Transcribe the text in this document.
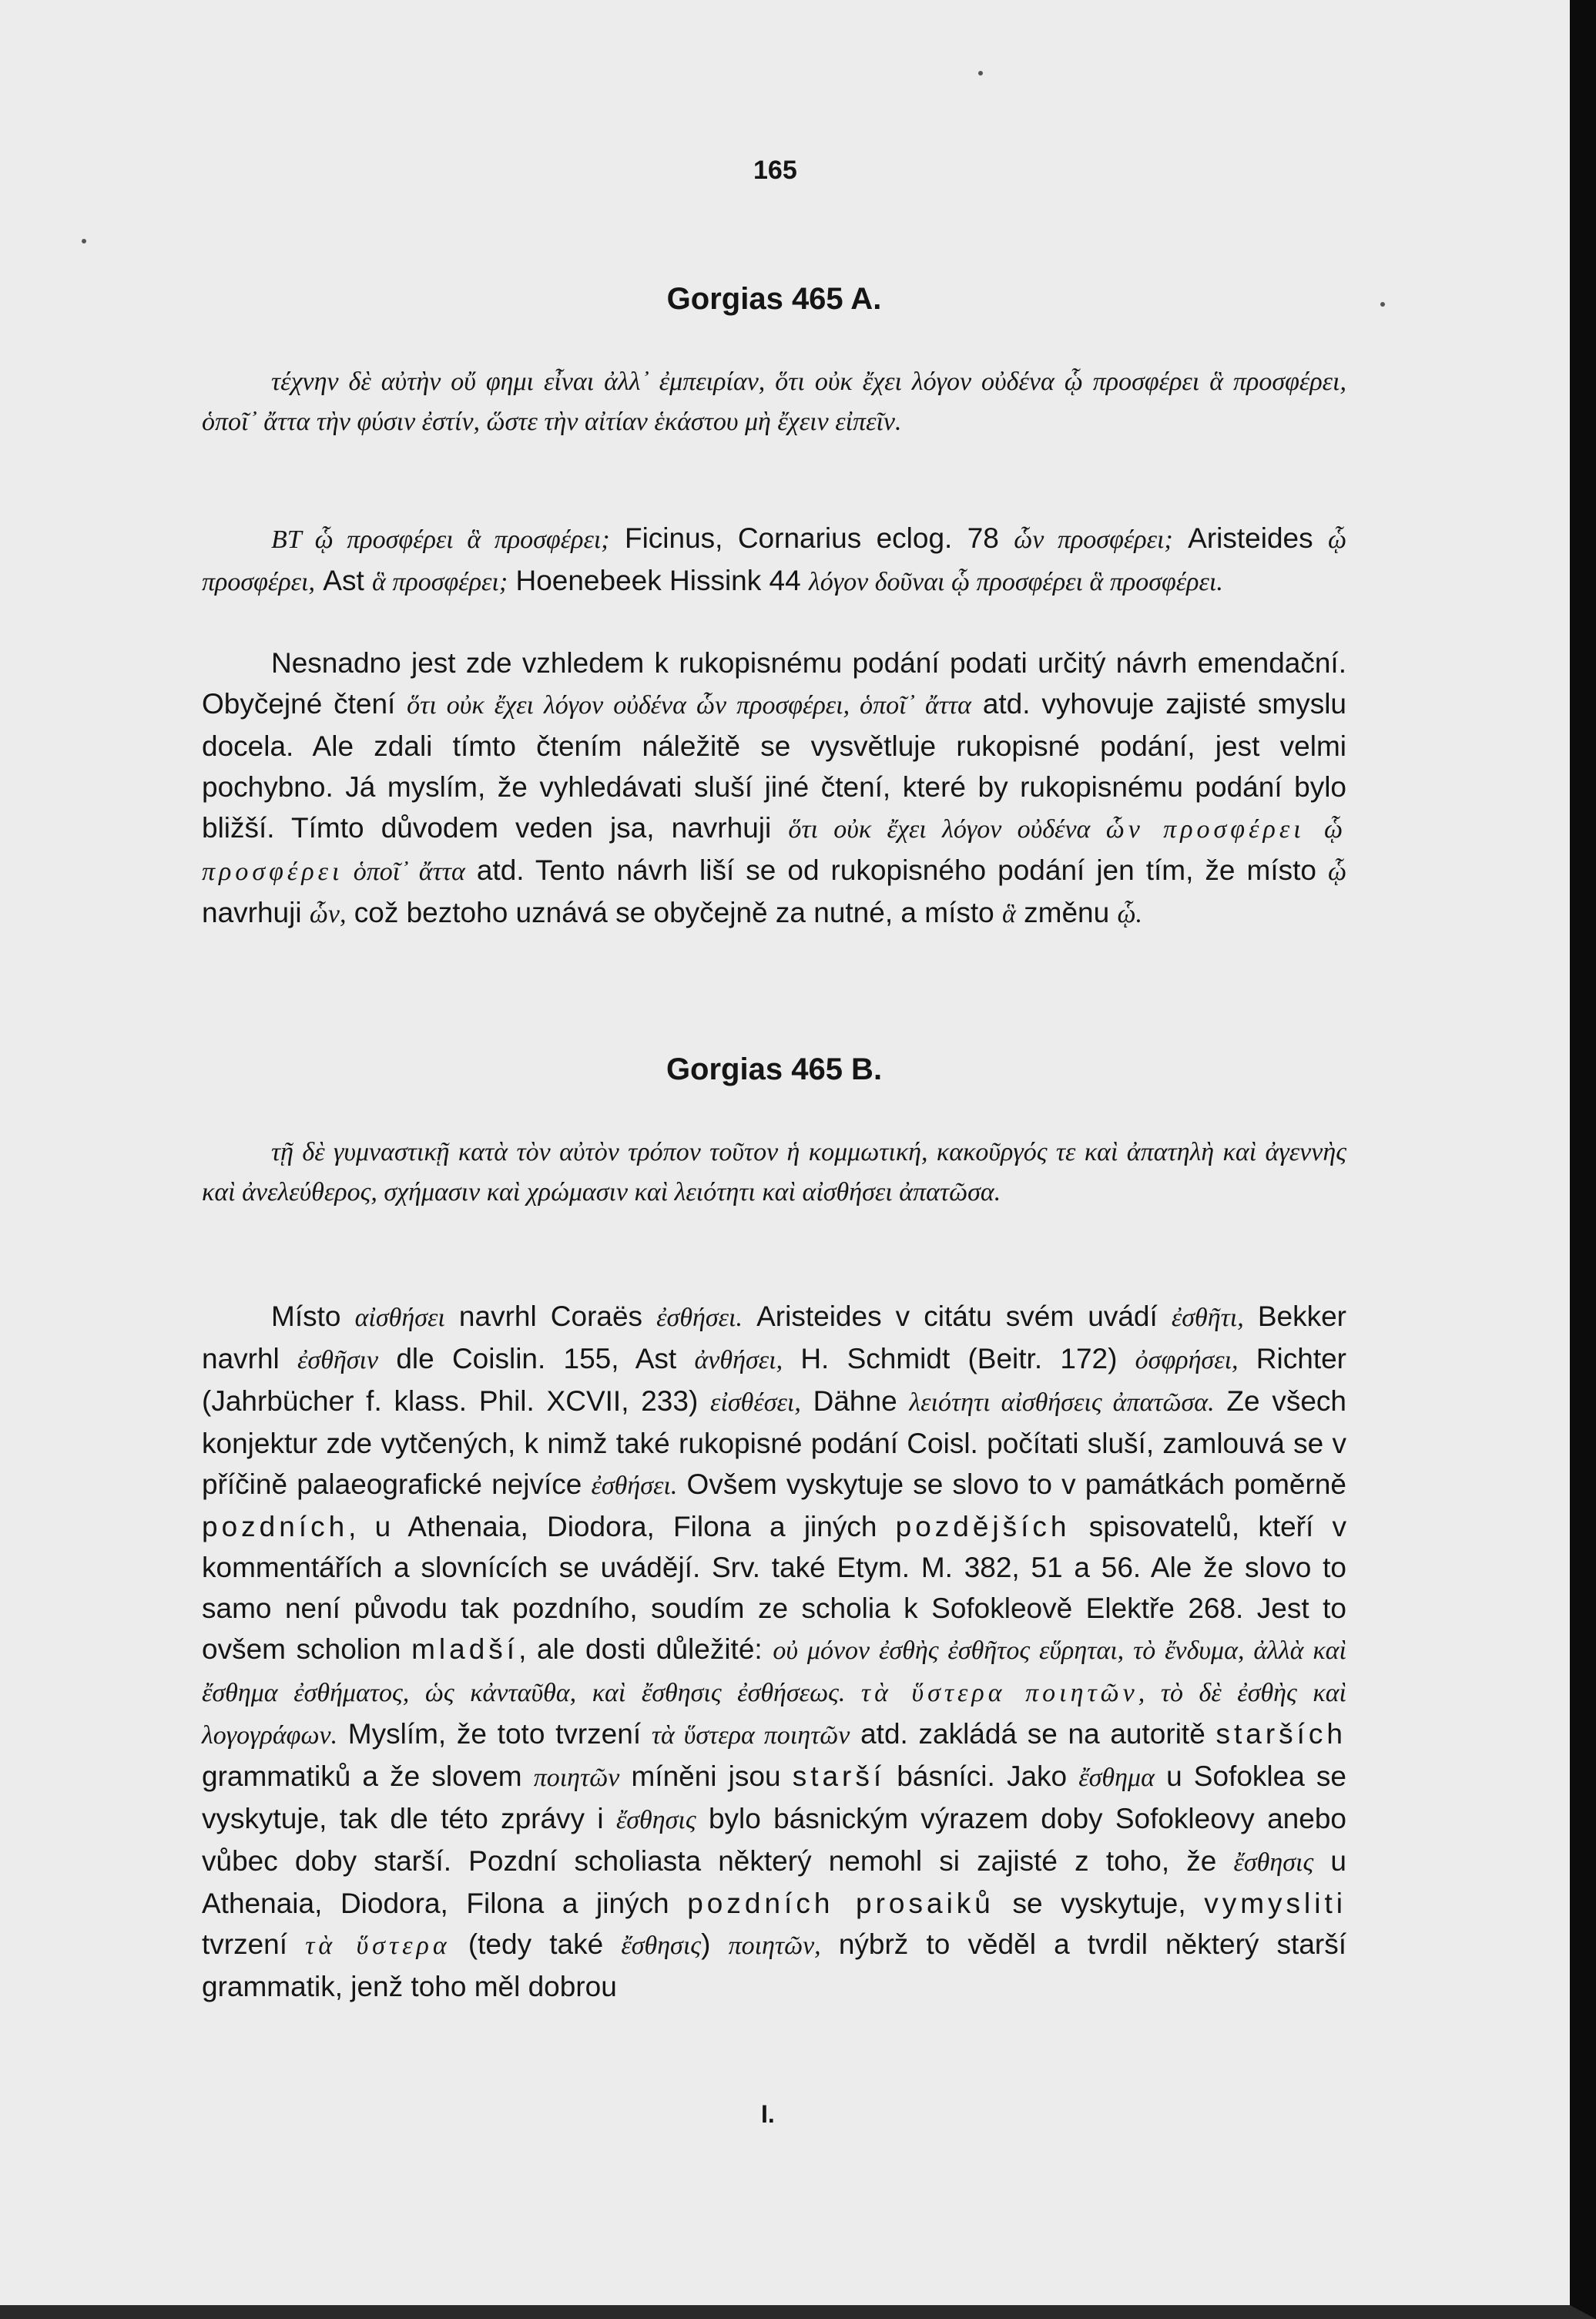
165
Gorgias 465 A.

τέχνην δὲ αὐτὴν οὔ φημι εἶναι ἀλλ᾽ ἐμπειρίαν, ὅτι οὐκ ἔχει λόγον οὐδένα ᾧ προσφέρει ἃ προσφέρει, ὁποῖ᾽ ἄττα τὴν φύσιν ἐστίν, ὥστε τὴν αἰτίαν ἑκάστου μὴ ἔχειν εἰπεῖν.

BT ᾧ προσφέρει ἃ προσφέρει; Ficinus, Cornarius eclog. 78 ὧν προσφέρει; Aristeides ᾧ προσφέρει, Ast ἃ προσφέρει; Hoenebeek Hissink 44 λόγον δοῦναι ᾧ προσφέρει ἃ προσφέρει.

Nesnadno jest zde vzhledem k rukopisnému podání podati určitý návrh emendační. Obyčejné čtení ὅτι οὐκ ἔχει λόγον οὐδένα ὧν προσφέρει, ὁποῖ᾽ ἄττα atd. vyhovuje zajisté smyslu docela. Ale zdali tímto čtením náležitě se vysvětluje rukopisné podání, jest velmi pochybno. Já myslím, že vyhledávati sluší jiné čtení, které by rukopisnému podání bylo bližší. Tímto důvodem veden jsa, navrhuji ὅτι οὐκ ἔχει λόγον οὐδένα ὧν προσφέρει ᾧ προσφέρει ὁποῖ᾽ ἄττα atd. Tento návrh liší se od rukopisného podání jen tím, že místo ᾧ navrhuji ὧν, což beztoho uznává se obyčejně za nutné, a místo ἃ změnu ᾧ.

Gorgias 465 B.

τῇ δὲ γυμναστικῇ κατὰ τὸν αὐτὸν τρόπον τοῦτον ἡ κομμωτική, κακοῦργός τε καὶ ἀπατηλὴ καὶ ἀγεννὴς καὶ ἀνελεύθερος, σχήμασιν καὶ χρώμασιν καὶ λειότητι καὶ αἰσθήσει ἀπατῶσα.

Místo αἰσθήσει navrhl Coraës ἐσθήσει. Aristeides v citátu svém uvádí ἐσθῆτι, Bekker navrhl ἐσθῆσιν dle Coislin. 155, Ast ἀνθήσει, H. Schmidt (Beitr. 172) ὀσφρήσει, Richter (Jahrbücher f. klass. Phil. XCVII, 233) εἰσθέσει, Dähne λειότητι αἰσθήσεις ἀπατῶσα. Ze všech konjektur zde vytčených, k nimž také rukopisné podání Coisl. počítati sluší, zamlouvá se v příčině palaeografické nejvíce ἐσθήσει. Ovšem vyskytuje se slovo to v památkách poměrně pozdních, u Athenaia, Diodora, Filona a jiných pozdějších spisovatelů, kteří v kommentářích a slovnících se uvádějí. Srv. také Etym. M. 382, 51 a 56. Ale že slovo to samo není původu tak pozdního, soudím ze scholia k Sofokleově Elektře 268. Jest to ovšem scholion mladší, ale dosti důležité: οὐ μόνον ἐσθὴς ἐσθῆτος εὕρηται, τὸ ἔνδυμα, ἀλλὰ καὶ ἔσθημα ἐσθήματος, ὡς κἀνταῦθα, καὶ ἔσθησις ἐσθήσεως. τὰ ὕστερα ποιητῶν, τὸ δὲ ἐσθὴς καὶ λογογράφων. Myslím, že toto tvrzení τὰ ὕστερα ποιητῶν atd. zakládá se na autoritě starších grammatiků a že slovem ποιητῶν míněni jsou starší básníci. Jako ἔσθημα u Sofoklea se vyskytuje, tak dle této zprávy i ἔσθησις bylo básnickým výrazem doby Sofokleovy anebo vůbec doby starší. Pozdní scholiasta některý nemohl si zajisté z toho, že ἔσθησις u Athenaia, Diodora, Filona a jiných pozdních prosaiků se vyskytuje, vymysliti tvrzení τὰ ὕστερα (tedy také ἔσθησις) ποιητῶν, nýbrž to věděl a tvrdil některý starší grammatik, jenž toho měl dobrou

I.
